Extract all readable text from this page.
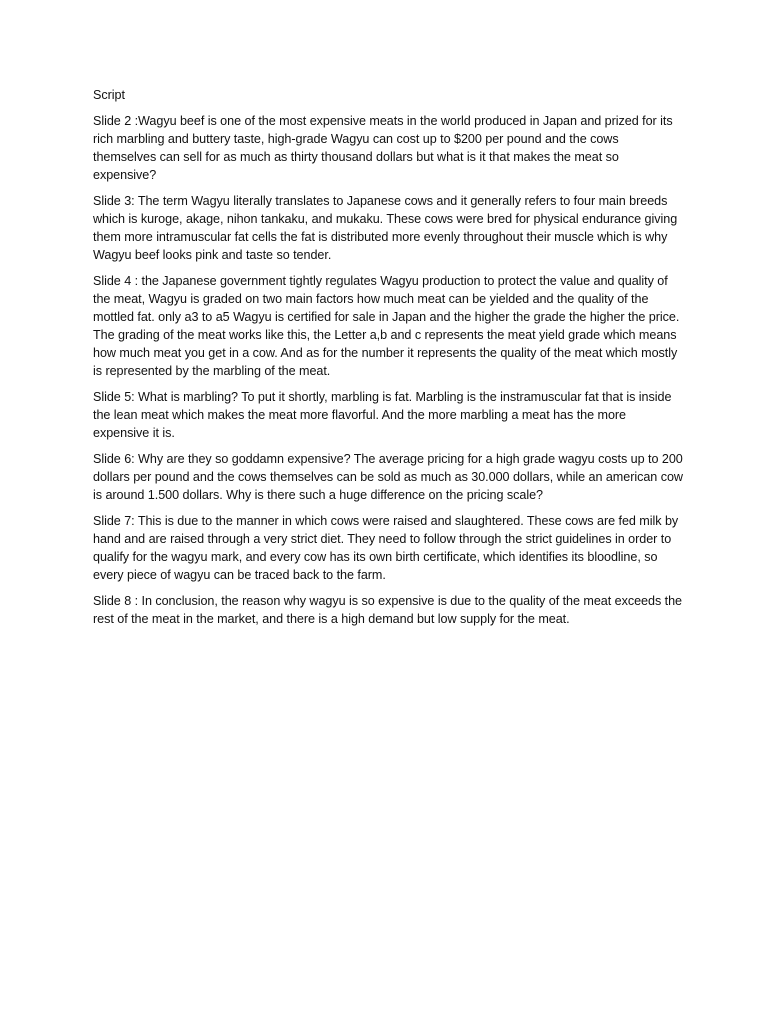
Script

Slide 2 :Wagyu beef is one of the most expensive meats in the world produced in Japan and prized for its rich marbling and buttery taste, high-grade Wagyu can cost up to $200 per pound and the cows themselves can sell for as much as thirty thousand dollars but what is it that makes the meat so expensive?

Slide 3: The term Wagyu literally translates to Japanese cows and it generally refers to four main breeds which is kuroge, akage, nihon tankaku, and mukaku. These cows were bred for physical endurance giving them more intramuscular fat cells the fat is distributed more evenly throughout their muscle which is why Wagyu beef looks pink and taste so tender.

Slide 4 : the Japanese government tightly regulates Wagyu production to protect the value and quality of the meat, Wagyu is graded on two main factors how much meat can be yielded and the quality of the mottled fat. only a3 to a5 Wagyu is certified for sale in Japan and the higher the grade the higher the price. The grading of the meat works like this, the Letter a,b and c represents the meat yield grade which means how much meat you get in a cow. And as for the number it represents the quality of the meat which mostly is represented by the marbling of the meat.

Slide 5: What is marbling? To put it shortly, marbling is fat. Marbling is the instramuscular fat that is inside the lean meat which makes the meat more flavorful. And the more marbling a meat has the more expensive it is.

Slide 6: Why are they so goddamn expensive? The average pricing for a high grade wagyu costs up to 200 dollars per pound and the cows themselves can be sold as much as 30.000 dollars, while an american cow is around 1.500 dollars. Why is there such a huge difference on the pricing scale?

Slide 7: This is due to the manner in which cows were raised and slaughtered. These cows are fed milk by hand and are raised through a very strict diet. They need to follow through the strict guidelines in order to qualify for the wagyu mark, and every cow has its own birth certificate, which identifies its bloodline, so every piece of wagyu can be traced back to the farm.

Slide 8 : In conclusion, the reason why wagyu is so expensive is due to the quality of the meat exceeds the rest of the meat in the market, and there is a high demand but low supply for the meat.
